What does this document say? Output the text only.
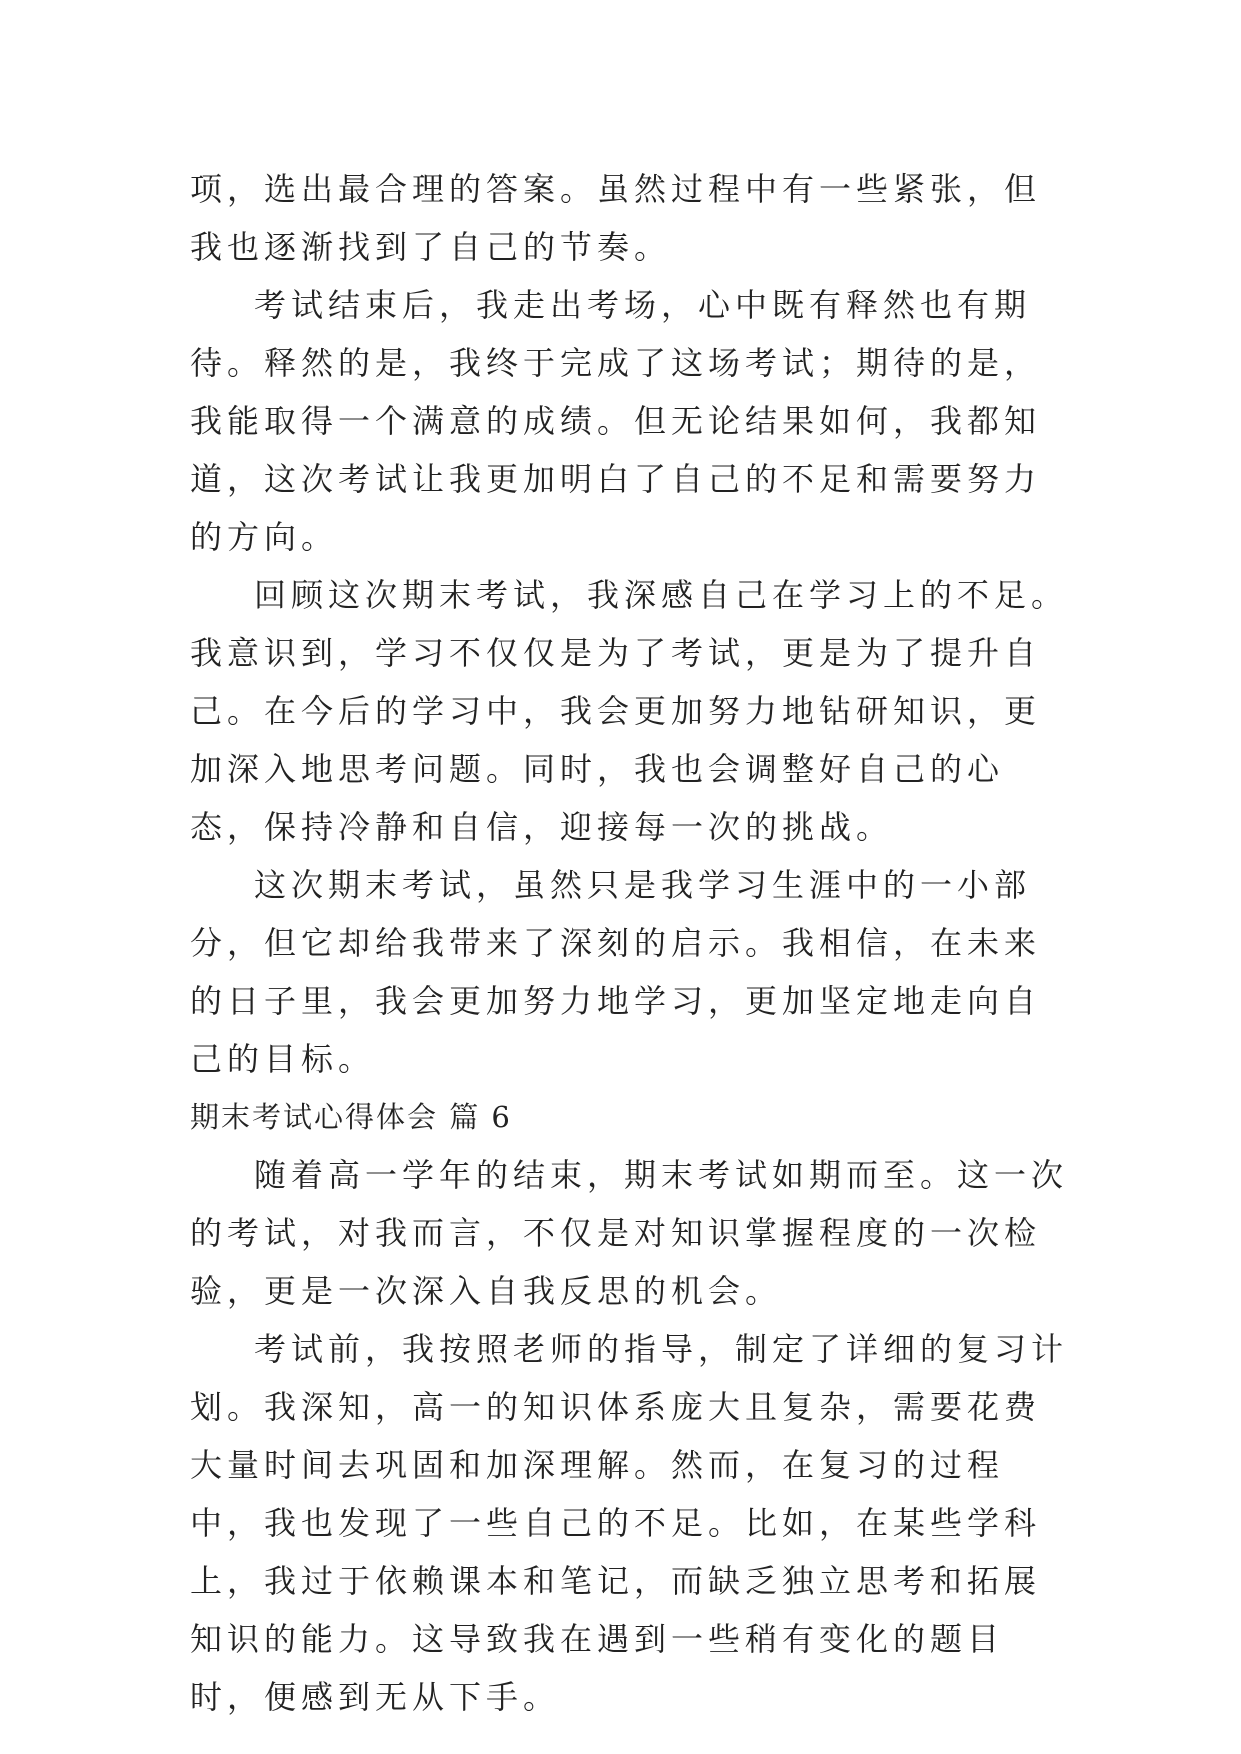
项，选出最合理的答案。虽然过程中有一些紧张，但我也逐渐找到了自己的节奏。

考试结束后，我走出考场，心中既有释然也有期待。释然的是，我终于完成了这场考试；期待的是，我能取得一个满意的成绩。但无论结果如何，我都知道，这次考试让我更加明白了自己的不足和需要努力的方向。

回顾这次期末考试，我深感自己在学习上的不足。我意识到，学习不仅仅是为了考试，更是为了提升自己。在今后的学习中，我会更加努力地钻研知识，更加深入地思考问题。同时，我也会调整好自己的心态，保持冷静和自信，迎接每一次的挑战。

这次期末考试，虽然只是我学习生涯中的一小部分，但它却给我带来了深刻的启示。我相信，在未来的日子里，我会更加努力地学习，更加坚定地走向自己的目标。

期末考试心得体会 篇 6

随着高一学年的结束，期末考试如期而至。这一次的考试，对我而言，不仅是对知识掌握程度的一次检验，更是一次深入自我反思的机会。

考试前，我按照老师的指导，制定了详细的复习计划。我深知，高一的知识体系庞大且复杂，需要花费大量时间去巩固和加深理解。然而，在复习的过程中，我也发现了一些自己的不足。比如，在某些学科上，我过于依赖课本和笔记，而缺乏独立思考和拓展知识的能力。这导致我在遇到一些稍有变化的题目时，便感到无从下手。
